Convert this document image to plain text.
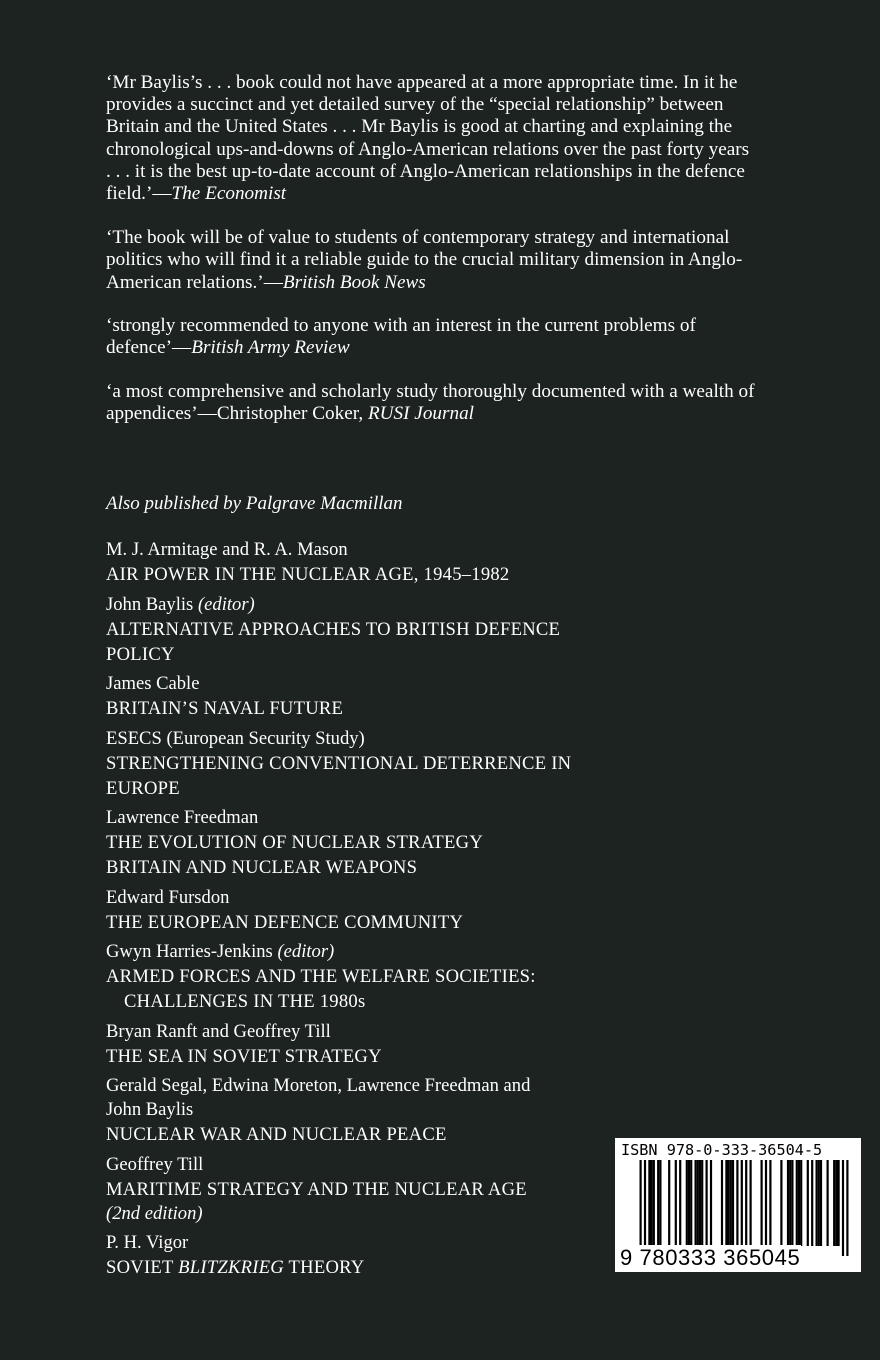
‘Mr Baylis’s . . . book could not have appeared at a more appropriate time. In it he provides a succinct and yet detailed survey of the “special relationship” between Britain and the United States . . . Mr Baylis is good at charting and explaining the chronological ups-and-downs of Anglo-American relations over the past forty years . . . it is the best up-to-date account of Anglo-American relationships in the defence field.’—The Economist

‘The book will be of value to students of contemporary strategy and international politics who will find it a reliable guide to the crucial military dimension in Anglo-American relations.’—British Book News

‘strongly recommended to anyone with an interest in the current problems of defence’—British Army Review

‘a most comprehensive and scholarly study thoroughly documented with a wealth of appendices’—Christopher Coker, RUSI Journal

Also published by Palgrave Macmillan
M. J. Armitage and R. A. Mason
AIR POWER IN THE NUCLEAR AGE, 1945–1982
John Baylis (editor)
ALTERNATIVE APPROACHES TO BRITISH DEFENCE
POLICY
James Cable
BRITAIN’S NAVAL FUTURE
ESECS (European Security Study)
STRENGTHENING CONVENTIONAL DETERRENCE IN
EUROPE
Lawrence Freedman
THE EVOLUTION OF NUCLEAR STRATEGY
BRITAIN AND NUCLEAR WEAPONS
Edward Fursdon
THE EUROPEAN DEFENCE COMMUNITY
Gwyn Harries-Jenkins (editor)
ARMED FORCES AND THE WELFARE SOCIETIES:
CHALLENGES IN THE 1980s
Bryan Ranft and Geoffrey Till
THE SEA IN SOVIET STRATEGY
Gerald Segal, Edwina Moreton, Lawrence Freedman and
John Baylis
NUCLEAR WAR AND NUCLEAR PEACE
Geoffrey Till
MARITIME STRATEGY AND THE NUCLEAR AGE
(2nd edition)
P. H. Vigor
SOVIET BLITZKRIEG THEORY
ISBN 978-0-333-36504-5
9 780333 365045
